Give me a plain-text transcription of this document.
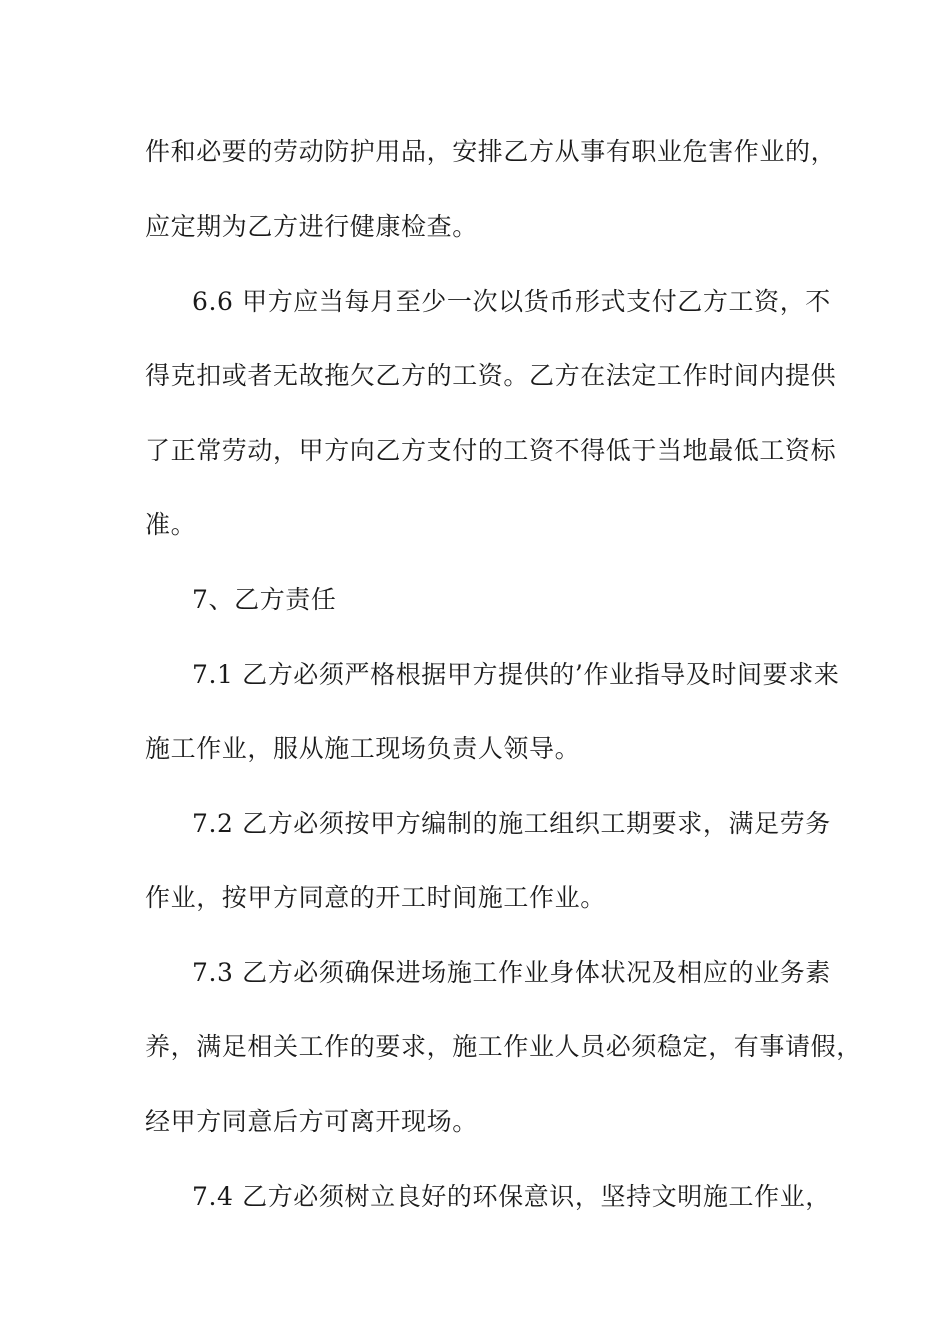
件和必要的劳动防护用品，安排乙方从事有职业危害作业的，
应定期为乙方进行健康检查。
6.6 甲方应当每月至少一次以货币形式支付乙方工资，不
得克扣或者无故拖欠乙方的工资。乙方在法定工作时间内提供
了正常劳动，甲方向乙方支付的工资不得低于当地最低工资标
准。
7、乙方责任
7.1 乙方必须严格根据甲方提供的’作业指导及时间要求来
施工作业，服从施工现场负责人领导。
7.2 乙方必须按甲方编制的施工组织工期要求，满足劳务
作业，按甲方同意的开工时间施工作业。
7.3 乙方必须确保进场施工作业身体状况及相应的业务素
养，满足相关工作的要求，施工作业人员必须稳定，有事请假，
经甲方同意后方可离开现场。
7.4 乙方必须树立良好的环保意识，坚持文明施工作业，
